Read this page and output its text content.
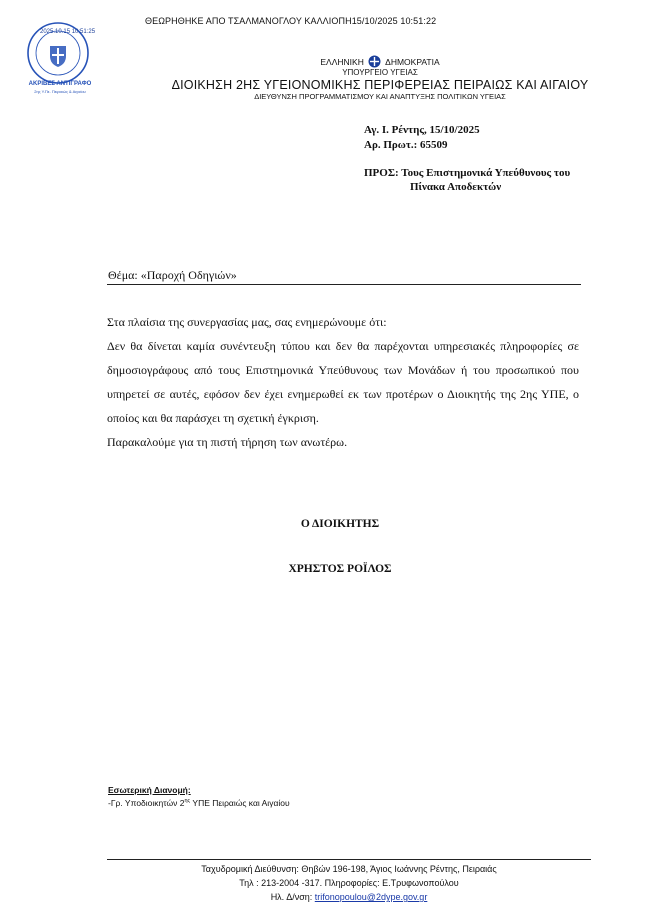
2025.10.15 10:51:25
ΑΚΡΙΒΕΣ ΑΝΤΙΓΡΑΦΟ
2ης Υ.Πε. Πειραιώς & Αιγαίου
ΘΕΩΡΗΘΗΚΕ ΑΠΟ ΤΣΑΛΜΑΝΟΓΛΟΥ ΚΑΛΛΙΟΠΗ15/10/2025 10:51:22
ΕΛΛΗΝΙΚΗ	ΔΗΜΟΚΡΑΤΙΑ
ΥΠΟΥΡΓΕΙΟ ΥΓΕΙΑΣ
ΔΙΟΙΚΗΣΗ 2ΗΣ ΥΓΕΙΟΝΟΜΙΚΗΣ ΠΕΡΙΦΕΡΕΙΑΣ ΠΕΙΡΑΙΩΣ ΚΑΙ ΑΙΓΑΙΟΥ
ΔΙΕΥΘΥΝΣΗ ΠΡΟΓΡΑΜΜΑΤΙΣΜΟΥ ΚΑΙ ΑΝΑΠΤΥΞΗΣ ΠΟΛΙΤΙΚΩΝ ΥΓΕΙΑΣ
Αγ. Ι. Ρέντης, 15/10/2025
Αρ. Πρωτ.: 65509
ΠΡΟΣ: Τους Επιστημονικά Υπεύθυνους του
Πίνακα Αποδεκτών
Θέμα: «Παροχή Οδηγιών»
Στα πλαίσια της συνεργασίας μας, σας ενημερώνουμε ότι:
Δεν θα δίνεται καμία συνέντευξη τύπου και δεν θα παρέχονται υπηρεσιακές πληροφορίες σε δημοσιογράφους από τους Επιστημονικά Υπεύθυνους των Μονάδων ή του προσωπικού που υπηρετεί σε αυτές, εφόσον δεν έχει ενημερωθεί εκ των προτέρων ο Διοικητής της 2ης ΥΠΕ, ο οποίος και θα παράσχει τη σχετική έγκριση.
Παρακαλούμε για τη πιστή τήρηση των ανωτέρω.
Ο ΔΙΟΙΚΗΤΗΣ
ΧΡΗΣΤΟΣ ΡΟΪΛΟΣ
Εσωτερική Διανομή:
-Γρ. Υποδιοικητών $2^{\eta\varsigma}$ ΥΠΕ Πειραιώς και Αιγαίου
Ταχυδρομική Διεύθυνση: Θηβών 196-198, Άγιος Ιωάννης Ρέντης, Πειραιάς
Τηλ : 213-2004 -317. Πληροφορίες: Ε.Τρυφωνοπούλου
Ηλ. Δ/νση: trifonopoulou@2dype.gov.gr
